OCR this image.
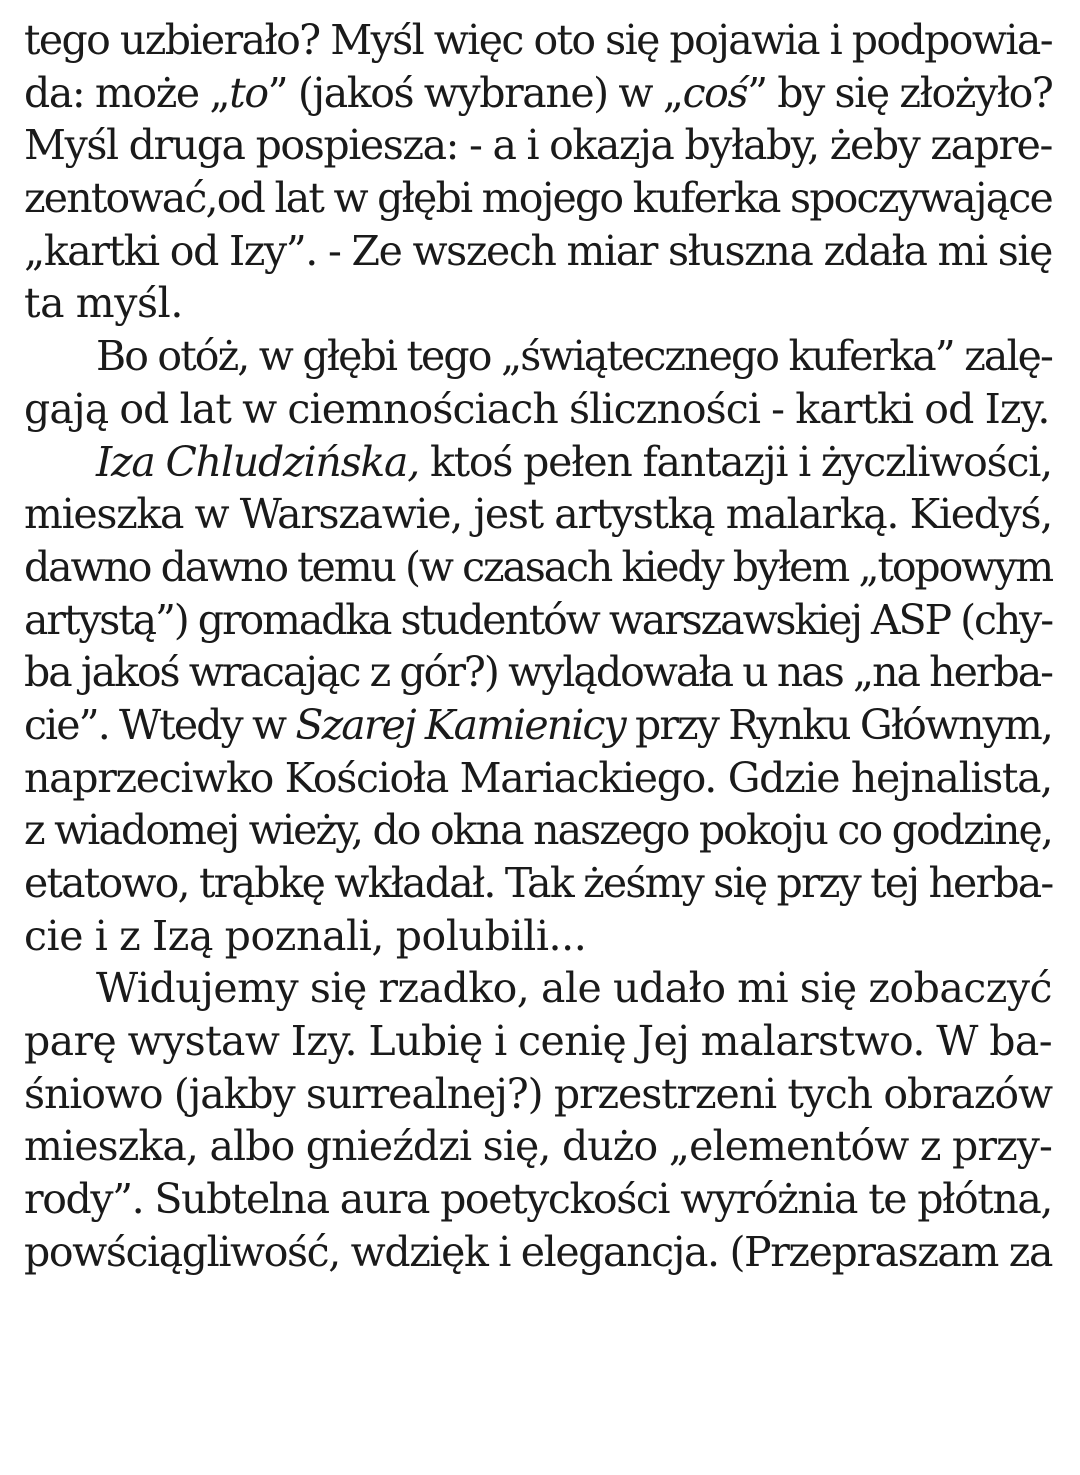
tego uzbierało? Myśl więc oto się pojawia i podpowia-
da: może „to” (jakoś wybrane) w „coś” by się złożyło?
Myśl druga pospiesza: - a i okazja byłaby, żeby zapre-
zentować,od lat w głębi mojego kuferka spoczywające
„kartki od Izy”. - Ze wszech miar słuszna zdała mi się
ta myśl.
Bo otóż, w głębi tego „świątecznego kuferka” zalę-
gają od lat w ciemnościach śliczności - kartki od Izy.
Iza Chludzińska, ktoś pełen fantazji i życzliwości,
mieszka w Warszawie, jest artystką malarką. Kiedyś,
dawno dawno temu (w czasach kiedy byłem „topowym
artystą”) gromadka studentów warszawskiej ASP (chy-
ba jakoś wracając z gór?) wylądowała u nas „na herba-
cie”. Wtedy w Szarej Kamienicy przy Rynku Głównym,
naprzeciwko Kościoła Mariackiego. Gdzie hejnalista,
z wiadomej wieży, do okna naszego pokoju co godzinę,
etatowo, trąbkę wkładał. Tak żeśmy się przy tej herba-
cie i z Izą poznali, polubili...
Widujemy się rzadko, ale udało mi się zobaczyć
parę wystaw Izy. Lubię i cenię Jej malarstwo. W ba-
śniowo (jakby surrealnej?) przestrzeni tych obrazów
mieszka, albo gnieździ się, dużo „elementów z przy-
rody”. Subtelna aura poetyckości wyróżnia te płótna,
powściągliwość, wdzięk i elegancja. (Przepraszam za
